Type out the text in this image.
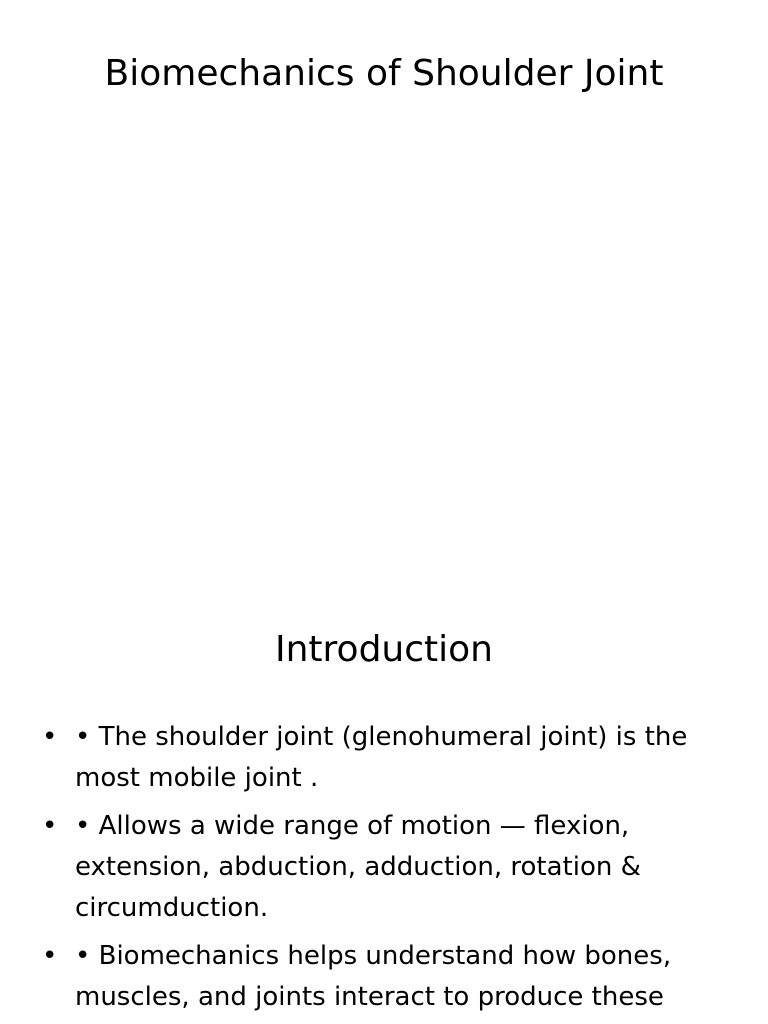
Biomechanics of Shoulder Joint
Introduction
• • The shoulder joint (glenohumeral joint) is the most mobile joint .
• • Allows a wide range of motion — flexion, extension, abduction, adduction, rotation & circumduction.
• • Biomechanics helps understand how bones, muscles, and joints interact to produce these
